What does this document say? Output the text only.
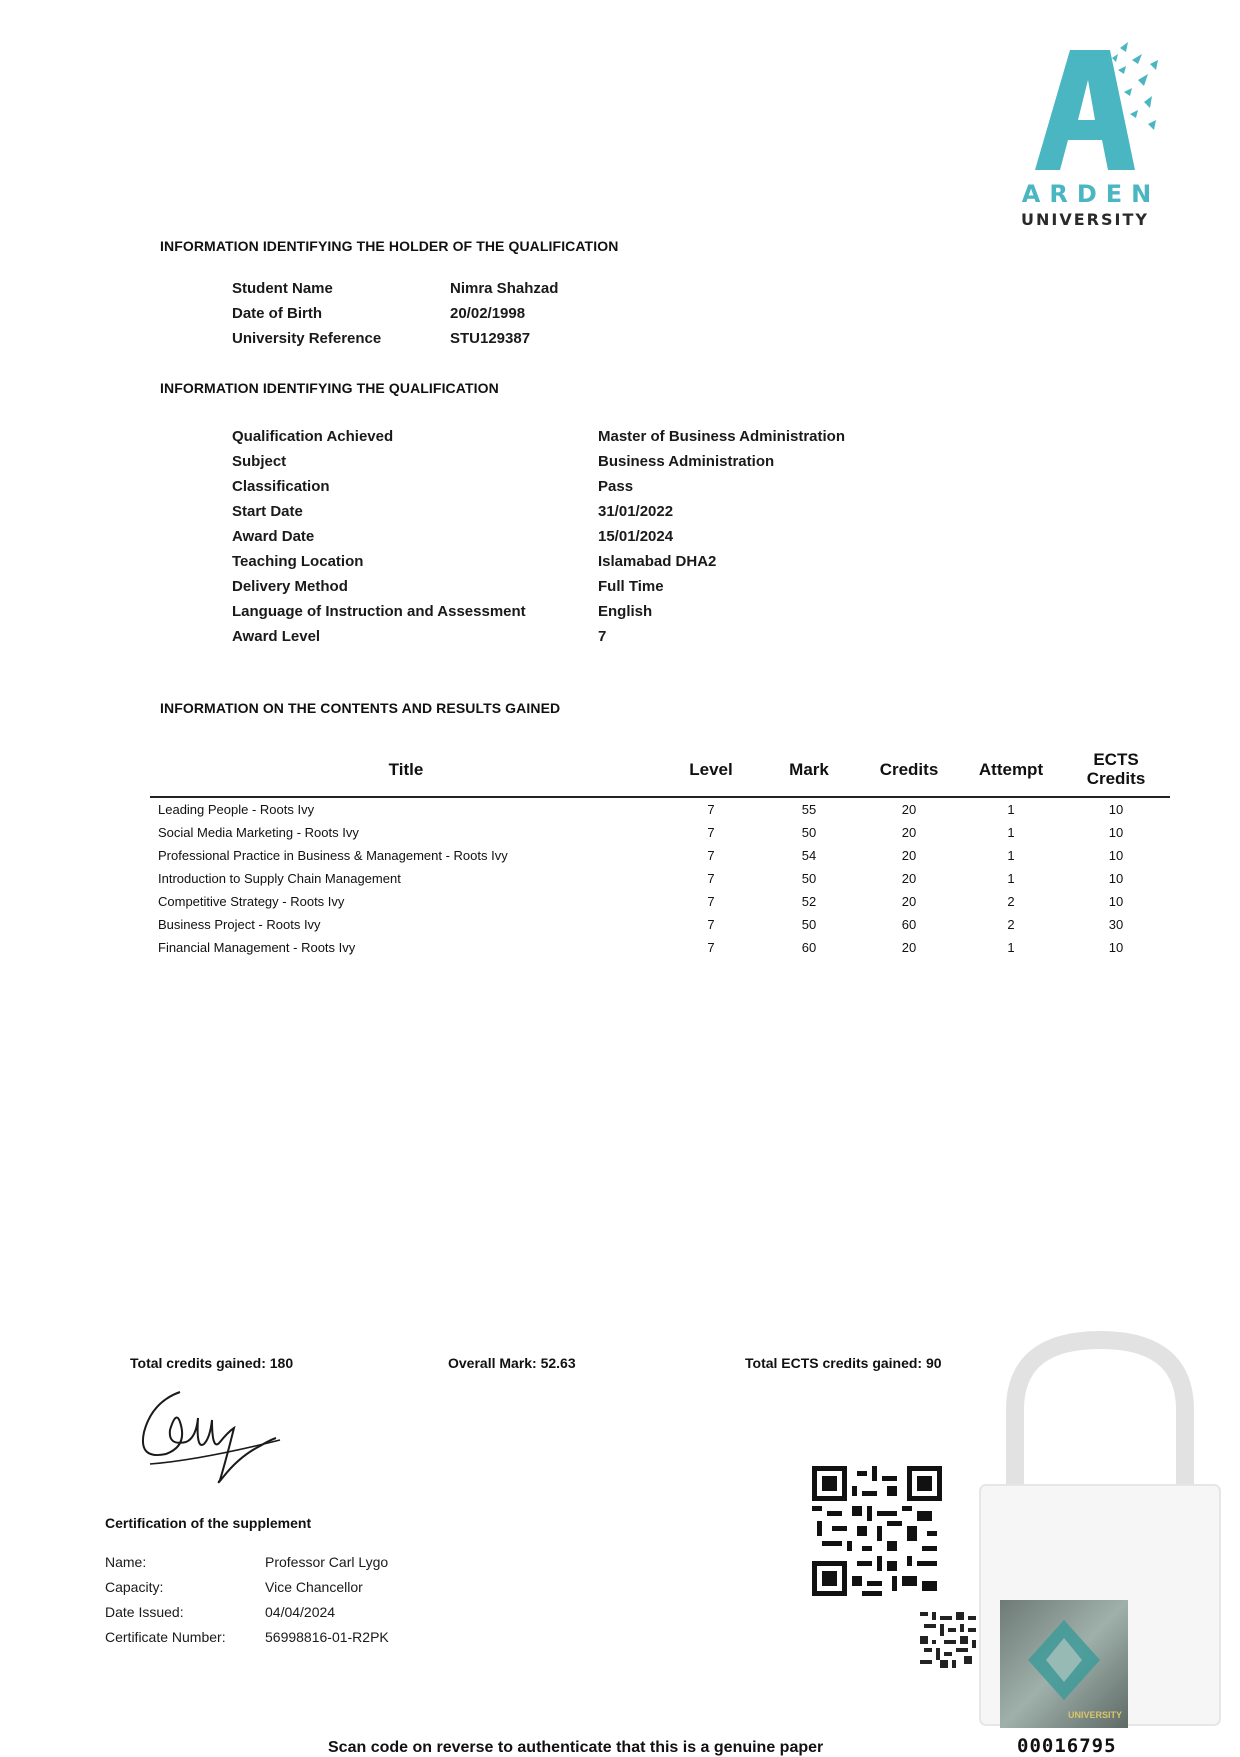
ARDEN
UNIVERSITY
INFORMATION IDENTIFYING THE HOLDER OF THE QUALIFICATION
Student Name	Nimra Shahzad
Date of Birth	20/02/1998
University Reference	STU129387
INFORMATION IDENTIFYING THE QUALIFICATION
Qualification Achieved	Master of Business Administration
Subject	Business Administration
Classification	Pass
Start Date	31/01/2022
Award Date	15/01/2024
Teaching Location	Islamabad DHA2
Delivery Method	Full Time
Language of Instruction and Assessment	English
Award Level	7
INFORMATION ON THE CONTENTS AND RESULTS GAINED
Title	Level	Mark	Credits	Attempt	ECTS
Credits

Leading People - Roots Ivy	7	55	20	1	10
Social Media Marketing - Roots Ivy	7	50	20	1	10
Professional Practice in Business & Management - Roots Ivy	7	54	20	1	10
Introduction to Supply Chain Management	7	50	20	1	10
Competitive Strategy - Roots Ivy	7	52	20	2	10
Business Project - Roots Ivy	7	50	60	2	30
Financial Management - Roots Ivy	7	60	20	1	10
Total credits gained: 180	Overall Mark: 52.63	Total ECTS credits gained: 90
Certification of the supplement
Name:	Professor Carl Lygo
Capacity:	Vice Chancellor
Date Issued:	04/04/2024
Certificate Number:	56998816-01-R2PK
UNIVERSITY
00016795
Scan code on reverse to authenticate that this is a genuine paper
